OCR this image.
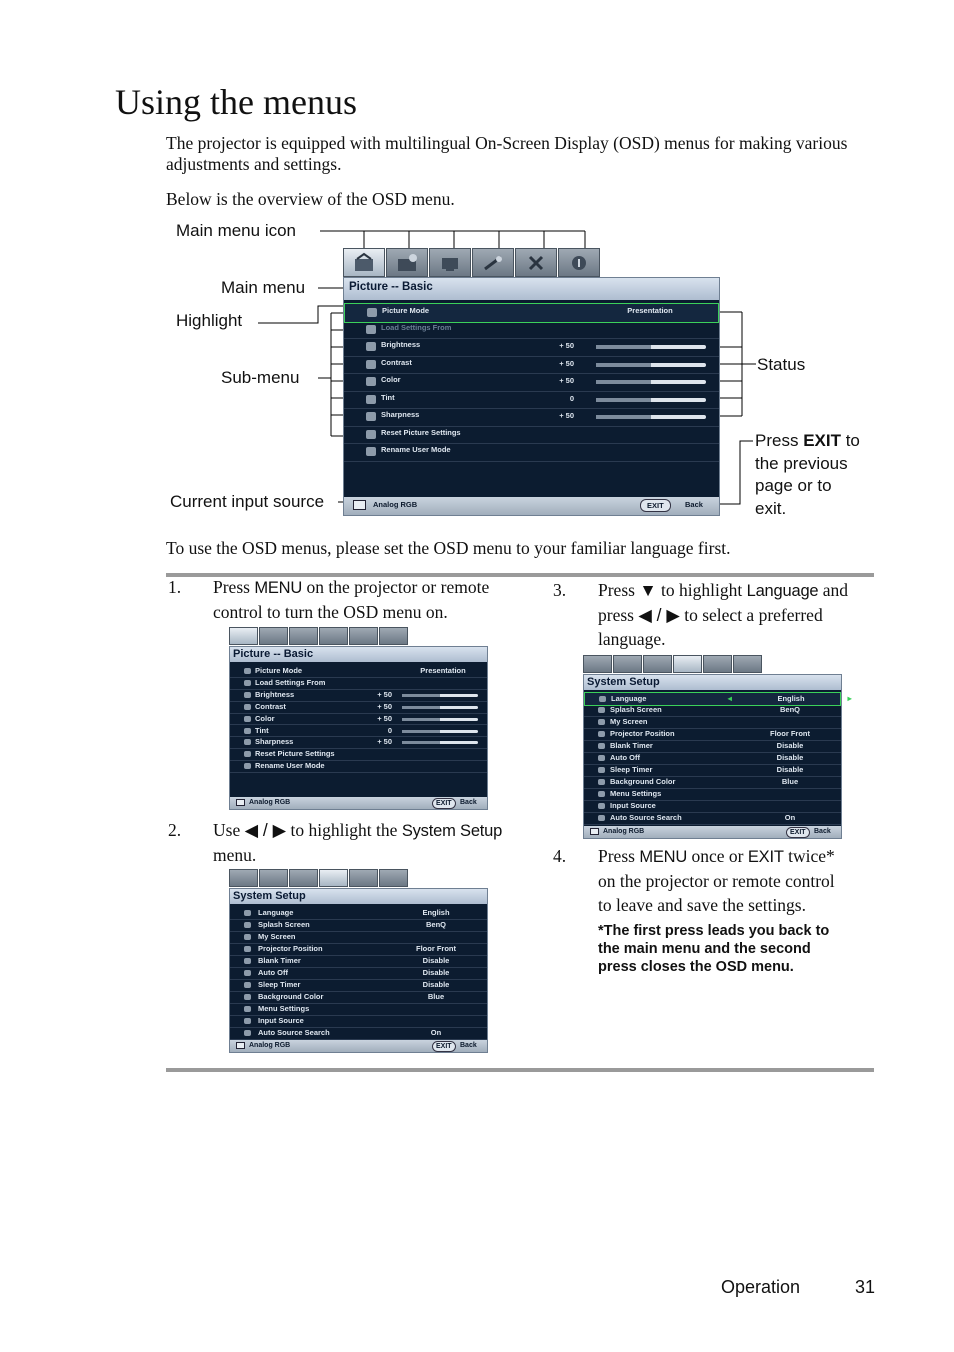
Using the menus
The projector is equipped with multilingual On-Screen Display (OSD) menus for making various adjustments and settings.
Below is the overview of the OSD menu.
Main menu icon
Main menu
Highlight
Sub-menu
Current input source
Status
Press EXIT to
the previous
page or to
exit.
Picture -- Basic
Picture Mode	Presentation
Load Settings From
Brightness	+ 50
Contrast	+ 50
Color	+ 50
Tint	0
Sharpness	+ 50
Reset Picture Settings
Rename User Mode
Analog RGB	EXIT	Back
To use the OSD menus, please set the OSD menu to your familiar language first.
1. Press MENU on the projector or remote
control to turn the OSD menu on.
Picture -- Basic
Picture Mode	Presentation
Load Settings From
Brightness	+ 50
Contrast	+ 50
Color	+ 50
Tint	0
Sharpness	+ 50
Reset Picture Settings
Rename User Mode
Analog RGB	EXIT	Back
2. Use ◀ / ▶ to highlight the System Setup
menu.
System Setup
Language	English
Splash Screen	BenQ
My Screen
Projector Position	Floor Front
Blank Timer	Disable
Auto Off	Disable
Sleep Timer	Disable
Background Color	Blue
Menu Settings
Input Source
Auto Source Search	On
Analog RGB	EXIT	Back
3. Press ▼ to highlight Language and
press ◀ / ▶ to select a preferred
language.
System Setup
Language	English
◄	►
Splash Screen	BenQ
My Screen
Projector Position	Floor Front
Blank Timer	Disable
Auto Off	Disable
Sleep Timer	Disable
Background Color	Blue
Menu Settings
Input Source
Auto Source Search	On
Analog RGB	EXIT	Back
4. Press MENU once or EXIT twice*
on the projector or remote control
to leave and save the settings.
*The first press leads you back to
the main menu and the second
press closes the OSD menu.
Operation	31
